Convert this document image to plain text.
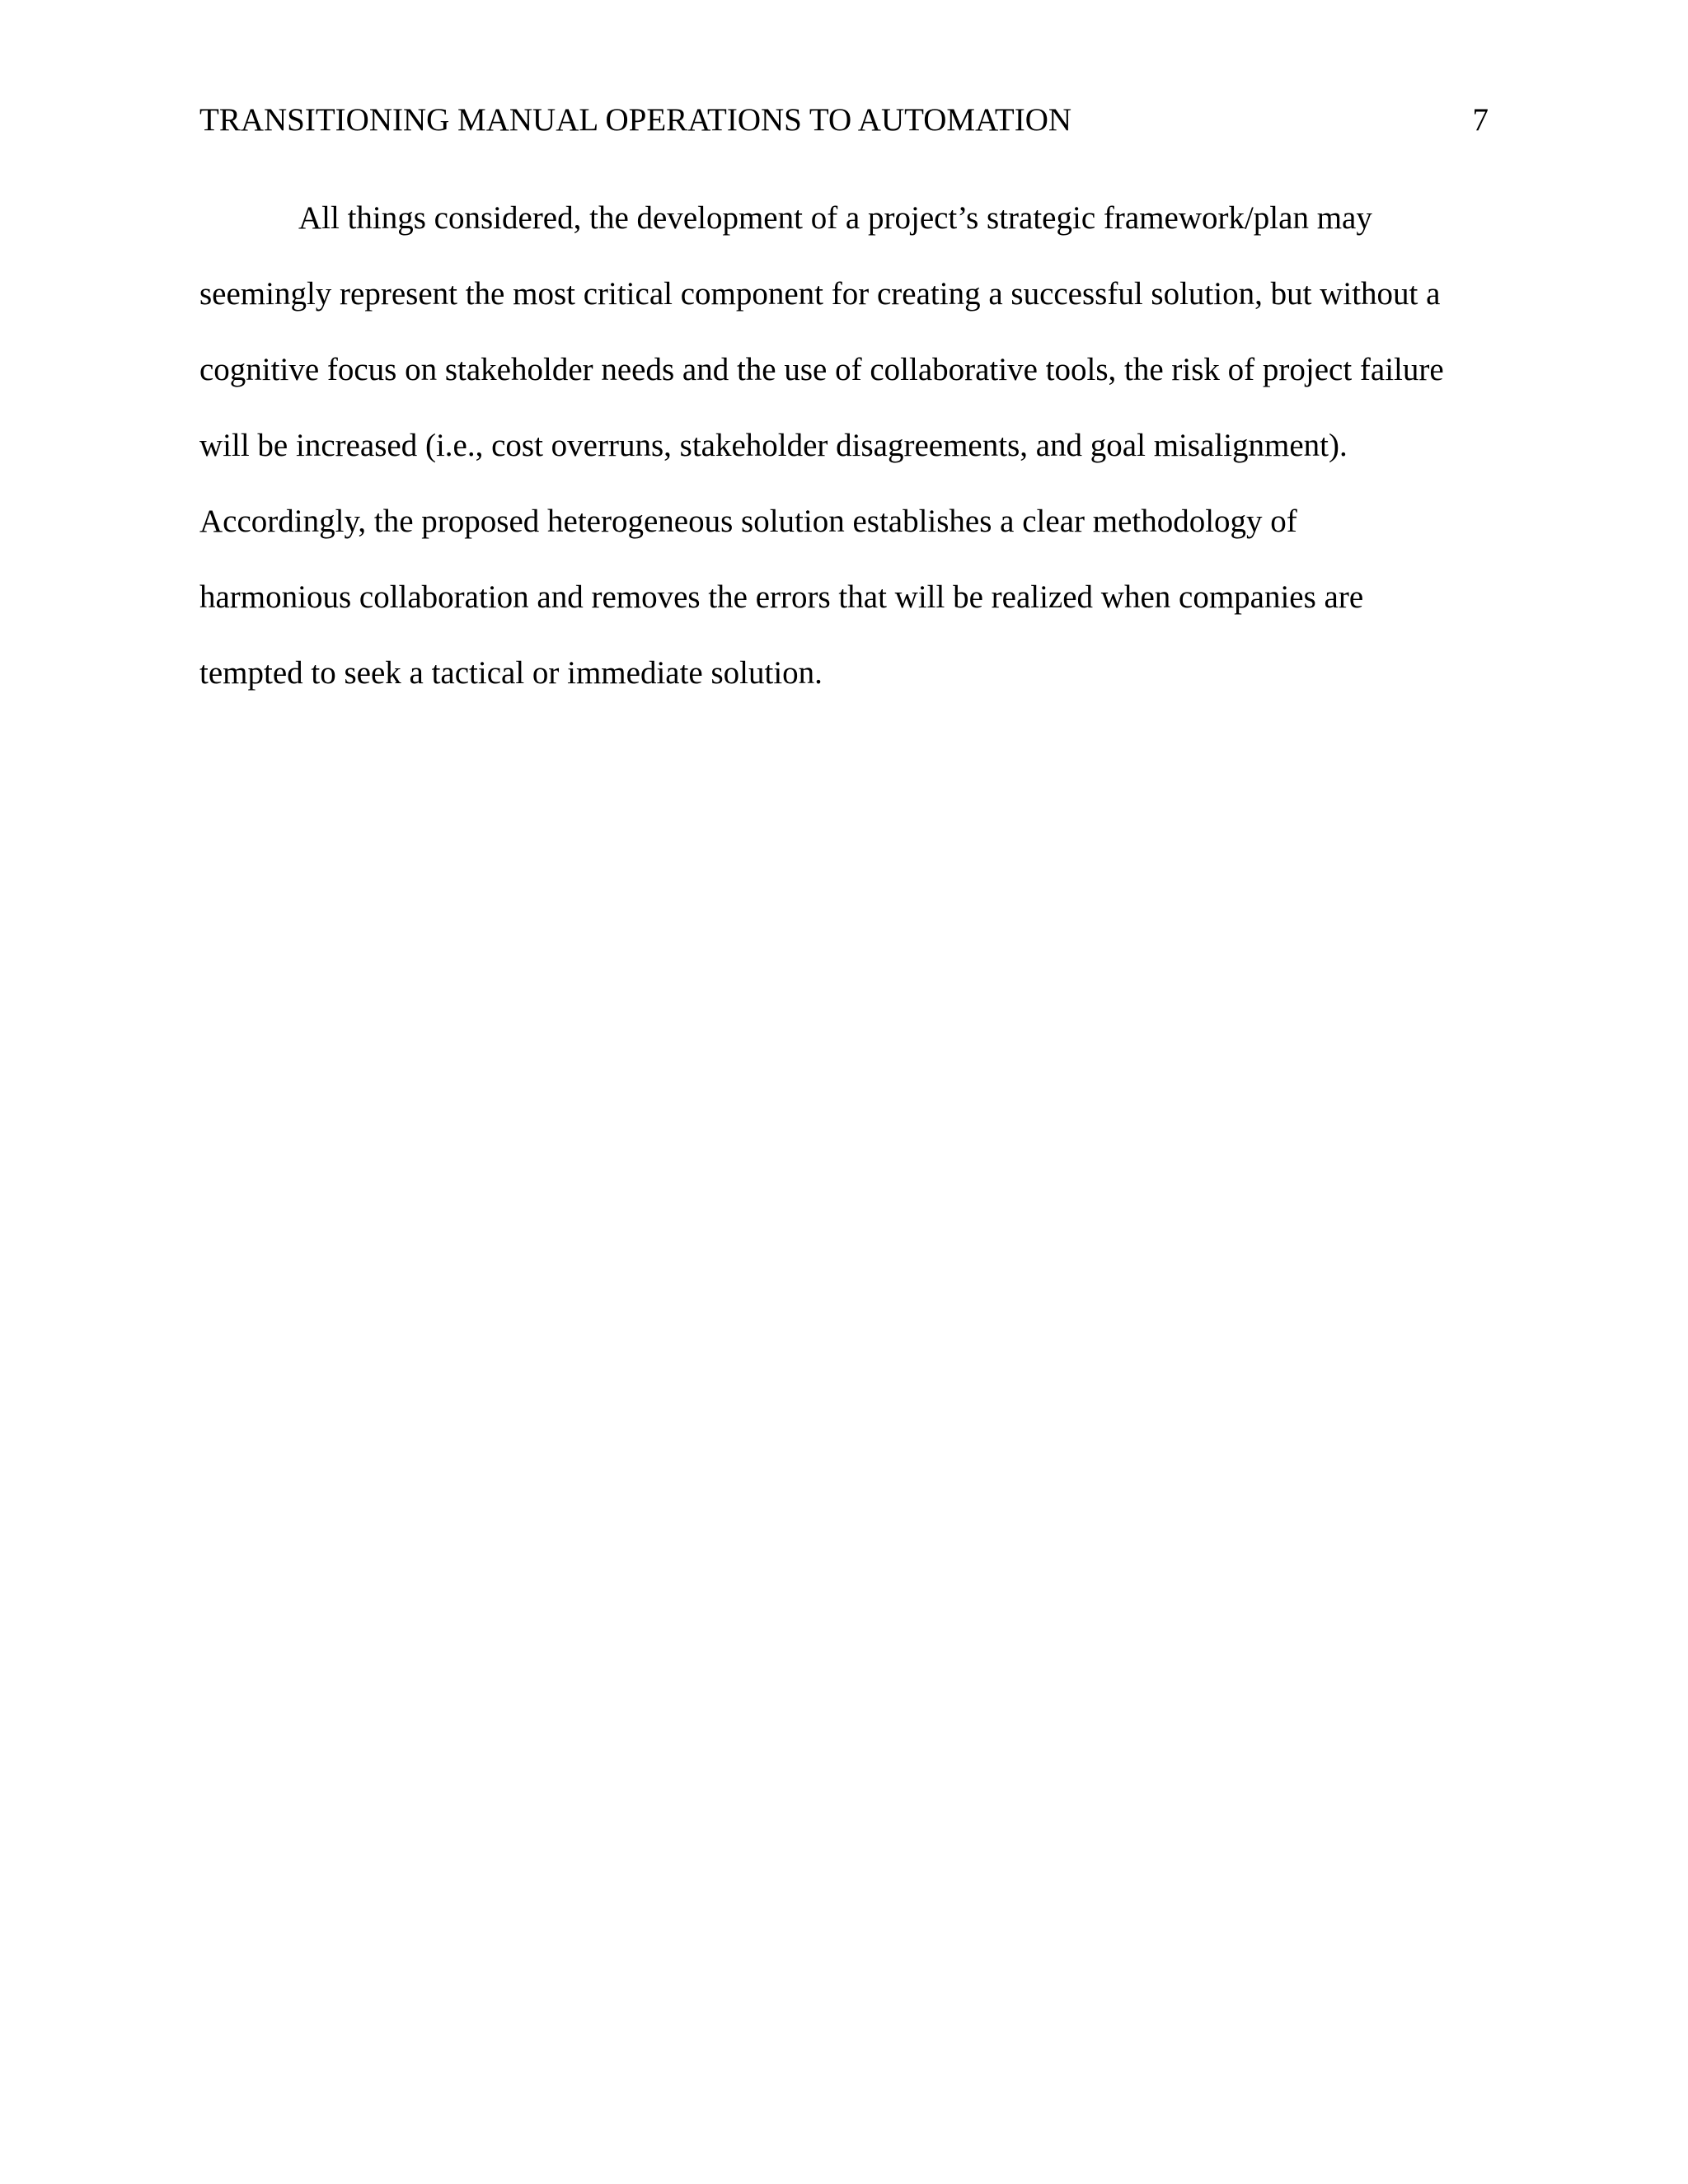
TRANSITIONING MANUAL OPERATIONS TO AUTOMATION	7
All things considered, the development of a project’s strategic framework/plan may
seemingly represent the most critical component for creating a successful solution, but without a
cognitive focus on stakeholder needs and the use of collaborative tools, the risk of project failure
will be increased (i.e., cost overruns, stakeholder disagreements, and goal misalignment).
Accordingly, the proposed heterogeneous solution establishes a clear methodology of
harmonious collaboration and removes the errors that will be realized when companies are
tempted to seek a tactical or immediate solution.
